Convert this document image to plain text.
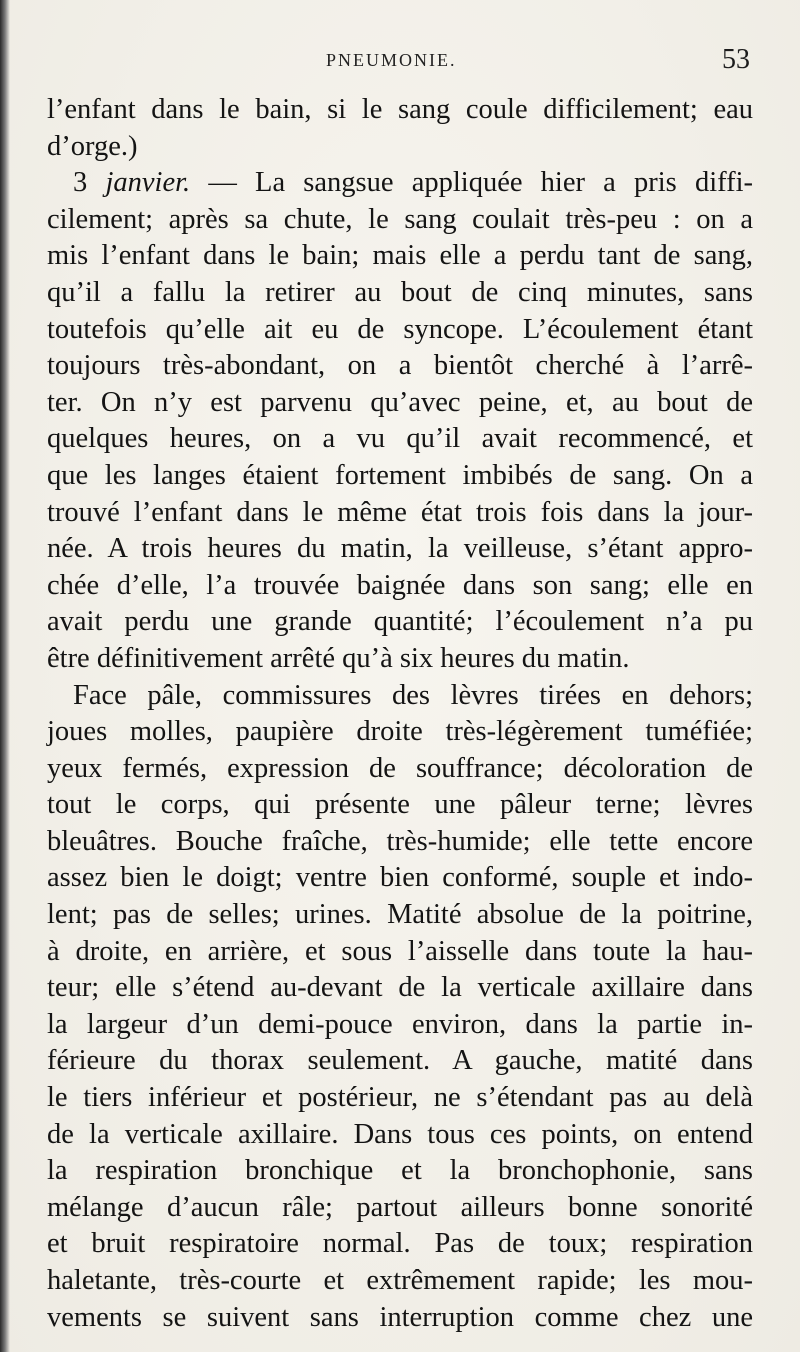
PNEUMONIE.	53
l’enfant dans le bain, si le sang coule difficilement; eau
d’orge.)
3 janvier. — La sangsue appliquée hier a pris diffi-
cilement; après sa chute, le sang coulait très-peu : on a
mis l’enfant dans le bain; mais elle a perdu tant de sang,
qu’il a fallu la retirer au bout de cinq minutes, sans
toutefois qu’elle ait eu de syncope. L’écoulement étant
toujours très-abondant, on a bientôt cherché à l’arrê-
ter. On n’y est parvenu qu’avec peine, et, au bout de
quelques heures, on a vu qu’il avait recommencé, et
que les langes étaient fortement imbibés de sang. On a
trouvé l’enfant dans le même état trois fois dans la jour-
née. A trois heures du matin, la veilleuse, s’étant appro-
chée d’elle, l’a trouvée baignée dans son sang; elle en
avait perdu une grande quantité; l’écoulement n’a pu
être définitivement arrêté qu’à six heures du matin.
Face pâle, commissures des lèvres tirées en dehors;
joues molles, paupière droite très-légèrement tuméfiée;
yeux fermés, expression de souffrance; décoloration de
tout le corps, qui présente une pâleur terne; lèvres
bleuâtres. Bouche fraîche, très-humide; elle tette encore
assez bien le doigt; ventre bien conformé, souple et indo-
lent; pas de selles; urines. Matité absolue de la poitrine,
à droite, en arrière, et sous l’aisselle dans toute la hau-
teur; elle s’étend au-devant de la verticale axillaire dans
la largeur d’un demi-pouce environ, dans la partie in-
férieure du thorax seulement. A gauche, matité dans
le tiers inférieur et postérieur, ne s’étendant pas au delà
de la verticale axillaire. Dans tous ces points, on entend
la respiration bronchique et la bronchophonie, sans
mélange d’aucun râle; partout ailleurs bonne sonorité
et bruit respiratoire normal. Pas de toux; respiration
haletante, très-courte et extrêmement rapide; les mou-
vements se suivent sans interruption comme chez une
